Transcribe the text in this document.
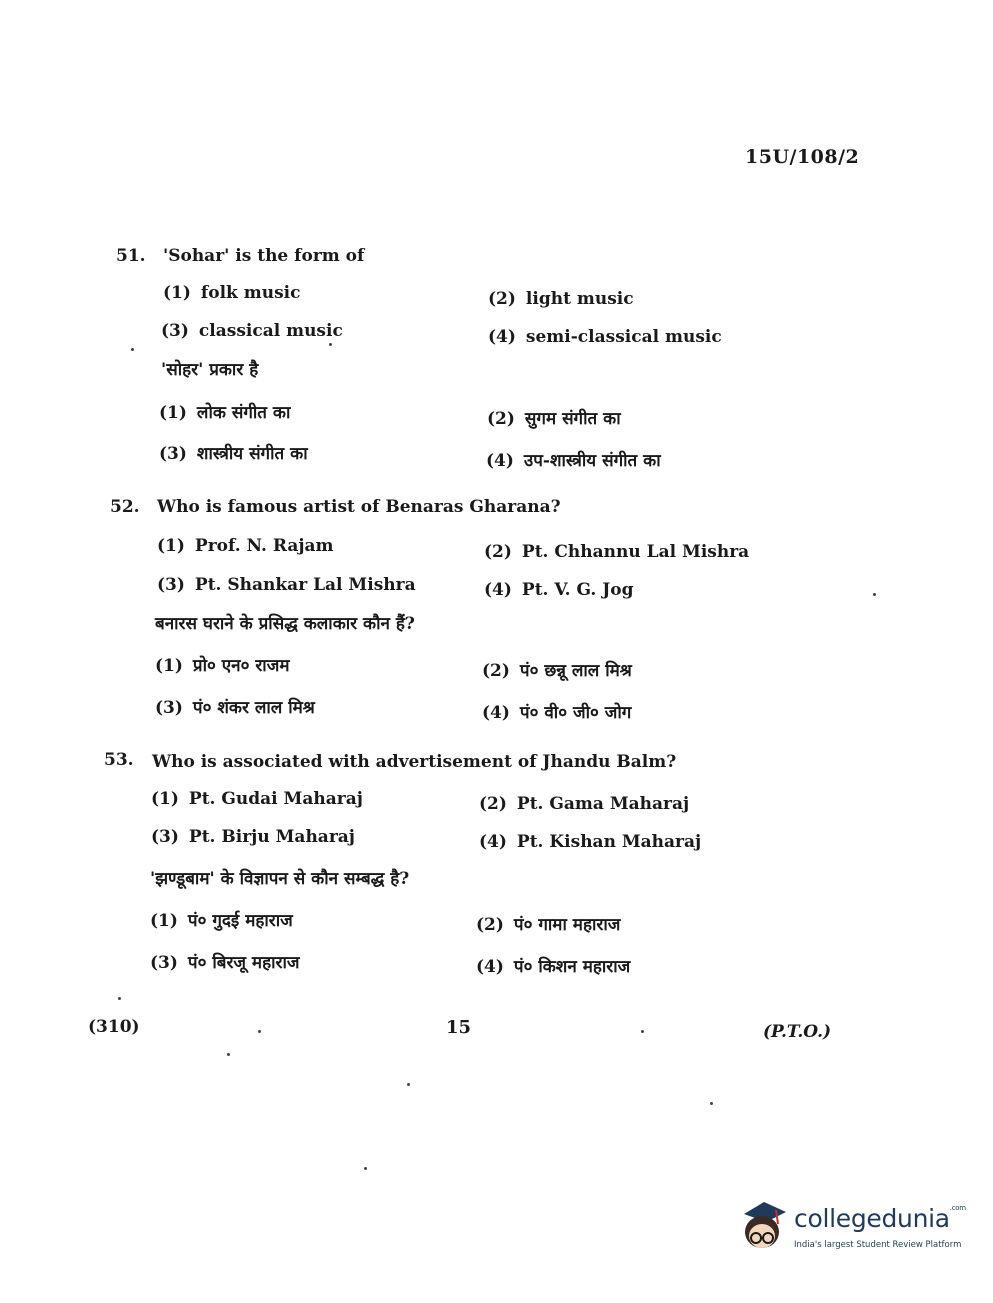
15U/108/2
51. 'Sohar' is the form of
(1) folk music	(2) light music
(3) classical music	(4) semi-classical music
'सोहर' प्रकार है
(1) लोक संगीत का	(2) सुगम संगीत का
(3) शास्त्रीय संगीत का	(4) उप-शास्त्रीय संगीत का
52. Who is famous artist of Benaras Gharana?
(1) Prof. N. Rajam	(2) Pt. Chhannu Lal Mishra
(3) Pt. Shankar Lal Mishra	(4) Pt. V. G. Jog
बनारस घराने के प्रसिद्ध कलाकार कौन हैं?
(1) प्रो० एन० राजम	(2) पं० छन्नू लाल मिश्र
(3) पं० शंकर लाल मिश्र	(4) पं० वी० जी० जोग
53. Who is associated with advertisement of Jhandu Balm?
(1) Pt. Gudai Maharaj	(2) Pt. Gama Maharaj
(3) Pt. Birju Maharaj	(4) Pt. Kishan Maharaj
'झण्डूबाम' के विज्ञापन से कौन सम्बद्ध है?
(1) पं० गुदई महाराज	(2) पं० गामा महाराज
(3) पं० बिरजू महाराज	(4) पं० किशन महाराज
(310)	15	(P.T.O.)
collegedunia$^{.com}$
India's largest Student Review Platform
